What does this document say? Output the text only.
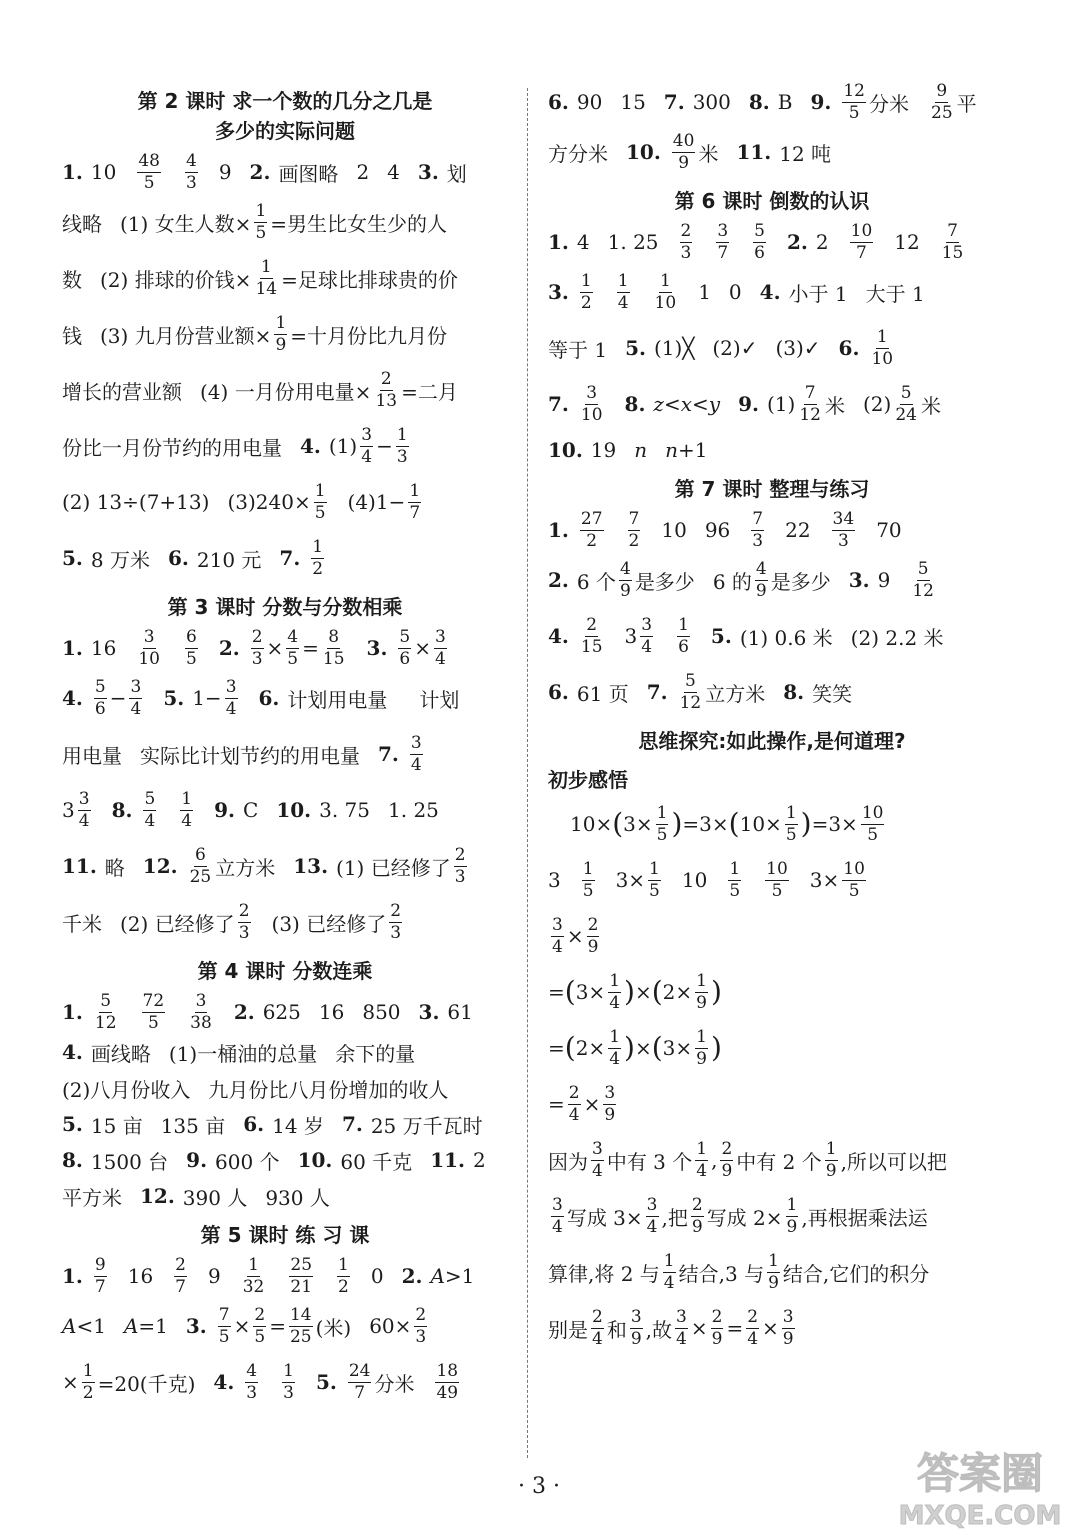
第 2 课时 求一个数的几分之几是
多少的实际问题
1. $10 \frac{48}{5} \frac{4}{3} 9$ 2. 画图略 2 4 3. 划
线略 (1) 女生人数× $\frac{1}{5}$ =男生比女生少的人
数 (2) 排球的价钱× $\frac{1}{14}$ =足球比排球贵的价
钱 (3) 九月份营业额× $\frac{1}{9}$ =十月份比九月份
增长的营业额 (4) 一月份用电量× $\frac{2}{13}$ =二月
份比一月份节约的用电量 4. $(1) \frac{3}{4} - \frac{1}{3}$
(2) 13÷(7+13) $(3)240\times \frac{1}{5} (4)1- \frac{1}{7}$
5. 8 万米 6. 210 元 7. $\frac{1}{2}$
第 3 课时 分数与分数相乘
1. $16 \frac{3}{10} \frac{6}{5} 2$. $\frac{2}{3} \times \frac{4}{5} = \frac{8}{15} 3$. $\frac{5}{6} \times \frac{3}{4}$
4. $\frac{5}{6} - \frac{3}{4} 5$. $1- \frac{3}{4} 6$. 计划用电量 计划
用电量 实际比计划节约的用电量 7. $\frac{3}{4}$
$3 \frac{3}{4} 8$. $\frac{5}{4} \frac{1}{4} 9$. C 10. 3. 75 1. 25
11. 略 12. $\frac{6}{25}$ 立方米 13. (1) 已经修了 $\frac{2}{3}$
千米 (2) 已经修了 $\frac{2}{3} (3)$ 已经修了 $\frac{2}{3}$
第 4 课时 分数连乘
1. $\frac{5}{12} \frac{72}{5} \frac{3}{38} 2$. 625 16 850 3. 61
4. 画线略 (1)一桶油的总量 余下的量
(2)八月份收入 九月份比八月份增加的收人
5. 15 亩 135 亩 6. 14 岁 7. 25 万千瓦时
8. 1500 台 9. 600 个 10. 60 千克 11. 2
平方米 12. 390 人 930 人
第 5 课时 练 习 课
1. $\frac{9}{7} 16 \frac{2}{7} 9 \frac{1}{32} \frac{25}{21} \frac{1}{2} 0$ 2. A >1
A <1 A =1 3. $\frac{7}{5} \times \frac{2}{5} = \frac{14}{25}$ (米)
$60\times \frac{2}{3}$
× $\frac{1}{2} =20$(千克) 4. $\frac{4}{3} \frac{1}{3} 5$. $\frac{24}{7}$ 分米 $\frac{18}{49}$
6. 90 15 7. 300 8. B 9. $\frac{12}{5}$ 分米 $\frac{9}{25}$ 平
方分米 10. $\frac{40}{9}$ 米 11. 12 吨
第 6 课时 倒数的认识
1. 4 1. $25 \frac{2}{3} \frac{3}{7} \frac{5}{6} 2$. $2 \frac{10}{7} 12 \frac{7}{15}$
3. $\frac{1}{2} \frac{1}{4} \frac{1}{10} 1$ 0 4. 小于 1 大于 1
等于 1 5. (1)╳ (2)✓ (3)✓ 6. $\frac{1}{10}$
7. $\frac{3}{10} 8$. z < x < y 9. $(1) \frac{7}{12}$ 米 $(2) \frac{5}{24}$ 米
10. 19 n n +1
第 7 课时 整理与练习
1. $\frac{27}{2} \frac{7}{2} 10$ $96 \frac{7}{3} 22 \frac{34}{3} 70$
2. 6 个 $\frac{4}{9}$ 是多少 6 的 $\frac{4}{9}$ 是多少 3. $9 \frac{5}{12}$
4. $\frac{2}{15} 3 \frac{3}{4} \frac{1}{6} 5$. (1) 0.6 米 (2) 2.2 米
6. 61 页 7. $\frac{5}{12}$ 立方米 8. 笑笑
思维探究:如此操作,是何道理?
初步感悟
10× ( $3\times \frac{1}{5}$ ) =3× ( $10\times \frac{1}{5}$ ) $=3\times \frac{10}{5}$
$3 \frac{1}{5} 3\times \frac{1}{5} 10 \frac{1}{5} \frac{10}{5} 3\times \frac{10}{5}$
$\frac{3}{4} \times \frac{2}{9}$
= ( $3\times \frac{1}{4}$ ) × ( $2\times \frac{1}{9}$ )
= ( $2\times \frac{1}{4}$ ) × ( $3\times \frac{1}{9}$ )
= $\frac{2}{4} \times \frac{3}{9}$
因为 $\frac{3}{4}$ 中有 3 个 $\frac{1}{4}$ , $\frac{2}{9}$ 中有 2 个 $\frac{1}{9}$ ,所以可以把
$\frac{3}{4}$ 写成 $3\times \frac{3}{4}$ ,把 $\frac{2}{9}$ 写成 $2\times \frac{1}{9}$ ,再根据乘法运
算律,将 2 与 $\frac{1}{4}$ 结合,3 与 $\frac{1}{9}$ 结合,它们的积分
别是 $\frac{2}{4}$ 和 $\frac{3}{9}$ ,故 $\frac{3}{4} \times \frac{2}{9} = \frac{2}{4} \times \frac{3}{9}$
· 3 ·	答案圈
MXQE.COM
